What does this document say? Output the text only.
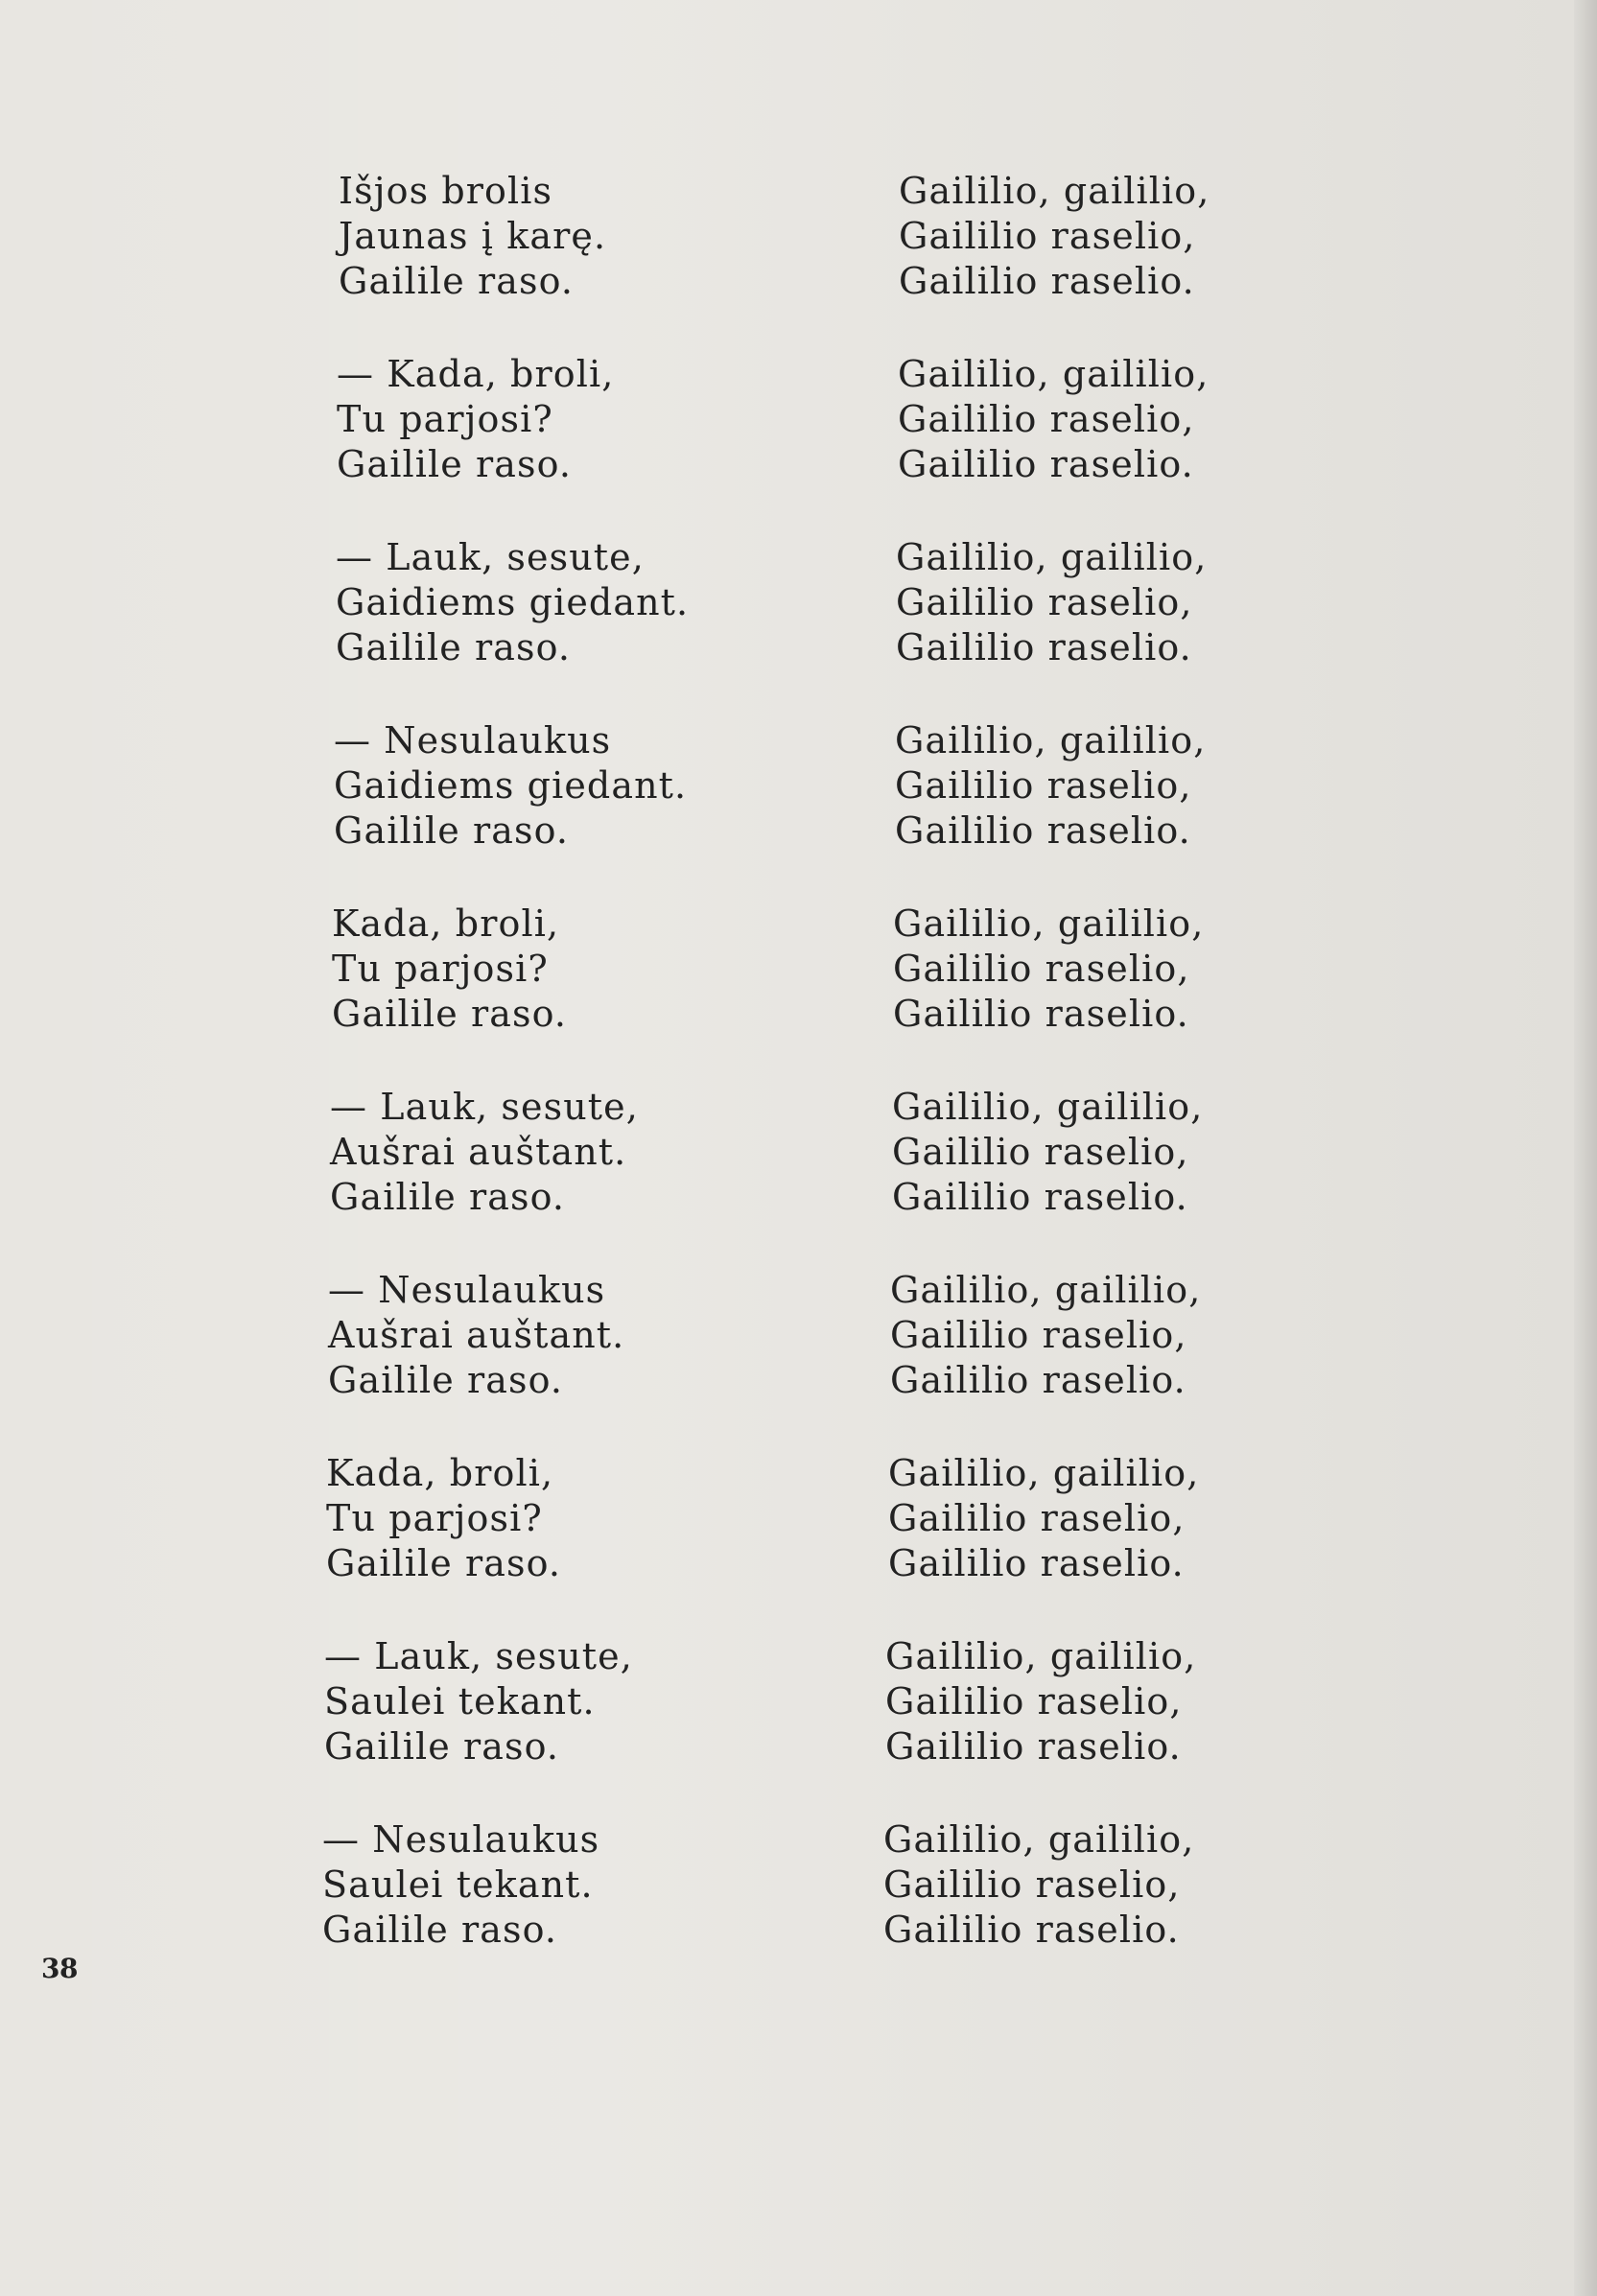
Išjos brolis
Jaunas į karę.
Gailile raso.
— Kada, broli,
Tu parjosi?
Gailile raso.
— Lauk, sesute,
Gaidiems giedant.
Gailile raso.
— Nesulaukus
Gaidiems giedant.
Gailile raso.
Kada, broli,
Tu parjosi?
Gailile raso.
— Lauk, sesute,
Aušrai auštant.
Gailile raso.
— Nesulaukus
Aušrai auštant.
Gailile raso.
Kada, broli,
Tu parjosi?
Gailile raso.
— Lauk, sesute,
Saulei tekant.
Gailile raso.
— Nesulaukus
Saulei tekant.
Gailile raso.
Gaililio, gaililio,
Gaililio raselio,
Gaililio raselio.
Gaililio, gaililio,
Gaililio raselio,
Gaililio raselio.
Gaililio, gaililio,
Gaililio raselio,
Gaililio raselio.
Gaililio, gaililio,
Gaililio raselio,
Gaililio raselio.
Gaililio, gaililio,
Gaililio raselio,
Gaililio raselio.
Gaililio, gaililio,
Gaililio raselio,
Gaililio raselio.
Gaililio, gaililio,
Gaililio raselio,
Gaililio raselio.
Gaililio, gaililio,
Gaililio raselio,
Gaililio raselio.
Gaililio, gaililio,
Gaililio raselio,
Gaililio raselio.
Gaililio, gaililio,
Gaililio raselio,
Gaililio raselio.
38
